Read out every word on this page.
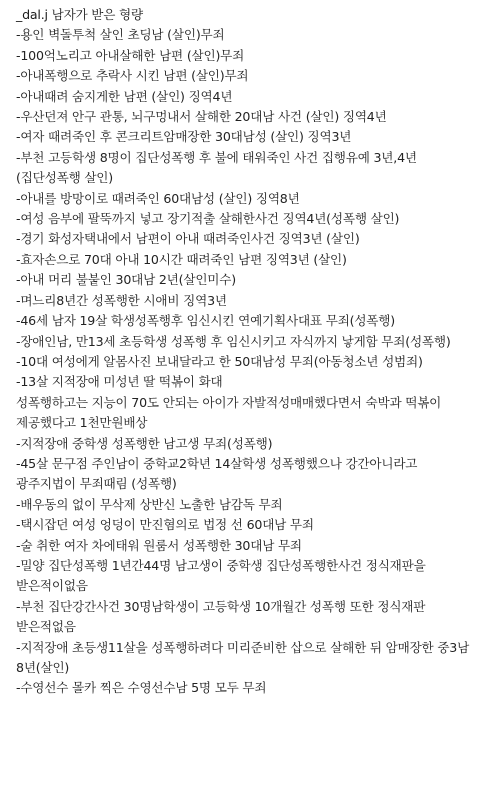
_dal.j 남자가 받은 형량
-용인 벽돌투척 살인 초딩남 (살인)무죄
-100억노리고 아내살해한 남편 (살인)무죄
-아내폭행으로 추락사 시킨 남편 (살인)무죄
-아내때려 숨지게한 남편 (살인) 징역4년
-우산던져 안구 관통, 뇌구멍내서 살해한 20대남 사건 (살인) 징역4년
-여자 때려죽인 후 콘크리트암매장한 30대남성 (살인) 징역3년
-부천 고등학생 8명이 집단성폭행 후 불에 태워죽인 사건 집행유예 3년,4년 (집단성폭행 살인)
-아내를 방망이로 때려죽인 60대남성 (살인) 징역8년
-여성 음부에 팔뚝까지 넣고 장기적출 살해한사건 징역4년(성폭행 살인)
-경기 화성자택내에서 남편이 아내 때려죽인사건 징역3년 (살인)
-효자손으로 70대 아내 10시간 때려죽인 남편 징역3년 (살인)
-아내 머리 불붙인 30대남 2년(살인미수)
-며느리8년간 성폭행한 시애비 징역3년
-46세 남자 19살 학생성폭행후 임신시킨 연예기획사대표 무죄(성폭행)
-장애인남, 만13세 초등학생 성폭행 후 임신시키고 자식까지 낳게함 무죄(성폭행)
-10대 여성에게 알몸사진 보내달라고 한 50대남성 무죄(아동청소년 성범죄)
-13살 지적장애 미성년 딸 떡볶이 화대
성폭행하고는 지능이 70도 안되는 아이가 자발적성매매했다면서 숙박과 떡볶이 제공했다고 1천만원배상
-지적장애 중학생 성폭행한 남고생 무죄(성폭행)
-45살 문구점 주인남이 중학교2학년 14살학생 성폭행했으나 강간아니라고 광주지법이 무죄때림 (성폭행)
-배우동의 없이 무삭제 상반신 노출한 남감독 무죄
-택시잡던 여성 엉덩이 만진혐의로 법정 선 60대남 무죄
-술 취한 여자 차에태워 원룸서 성폭행한 30대남 무죄
-밀양 집단성폭행 1년간44명 남고생이 중학생 집단성폭행한사건 정식재판을 받은적이없음
-부천 집단강간사건 30명남학생이 고등학생 10개월간 성폭행 또한 정식재판 받은적없음
-지적장애 초등생11살을 성폭행하려다 미리준비한 삽으로 살해한 뒤 암매장한 중3남 8년(살인)
-수영선수 몰카 찍은 수영선수남 5명 모두 무죄
